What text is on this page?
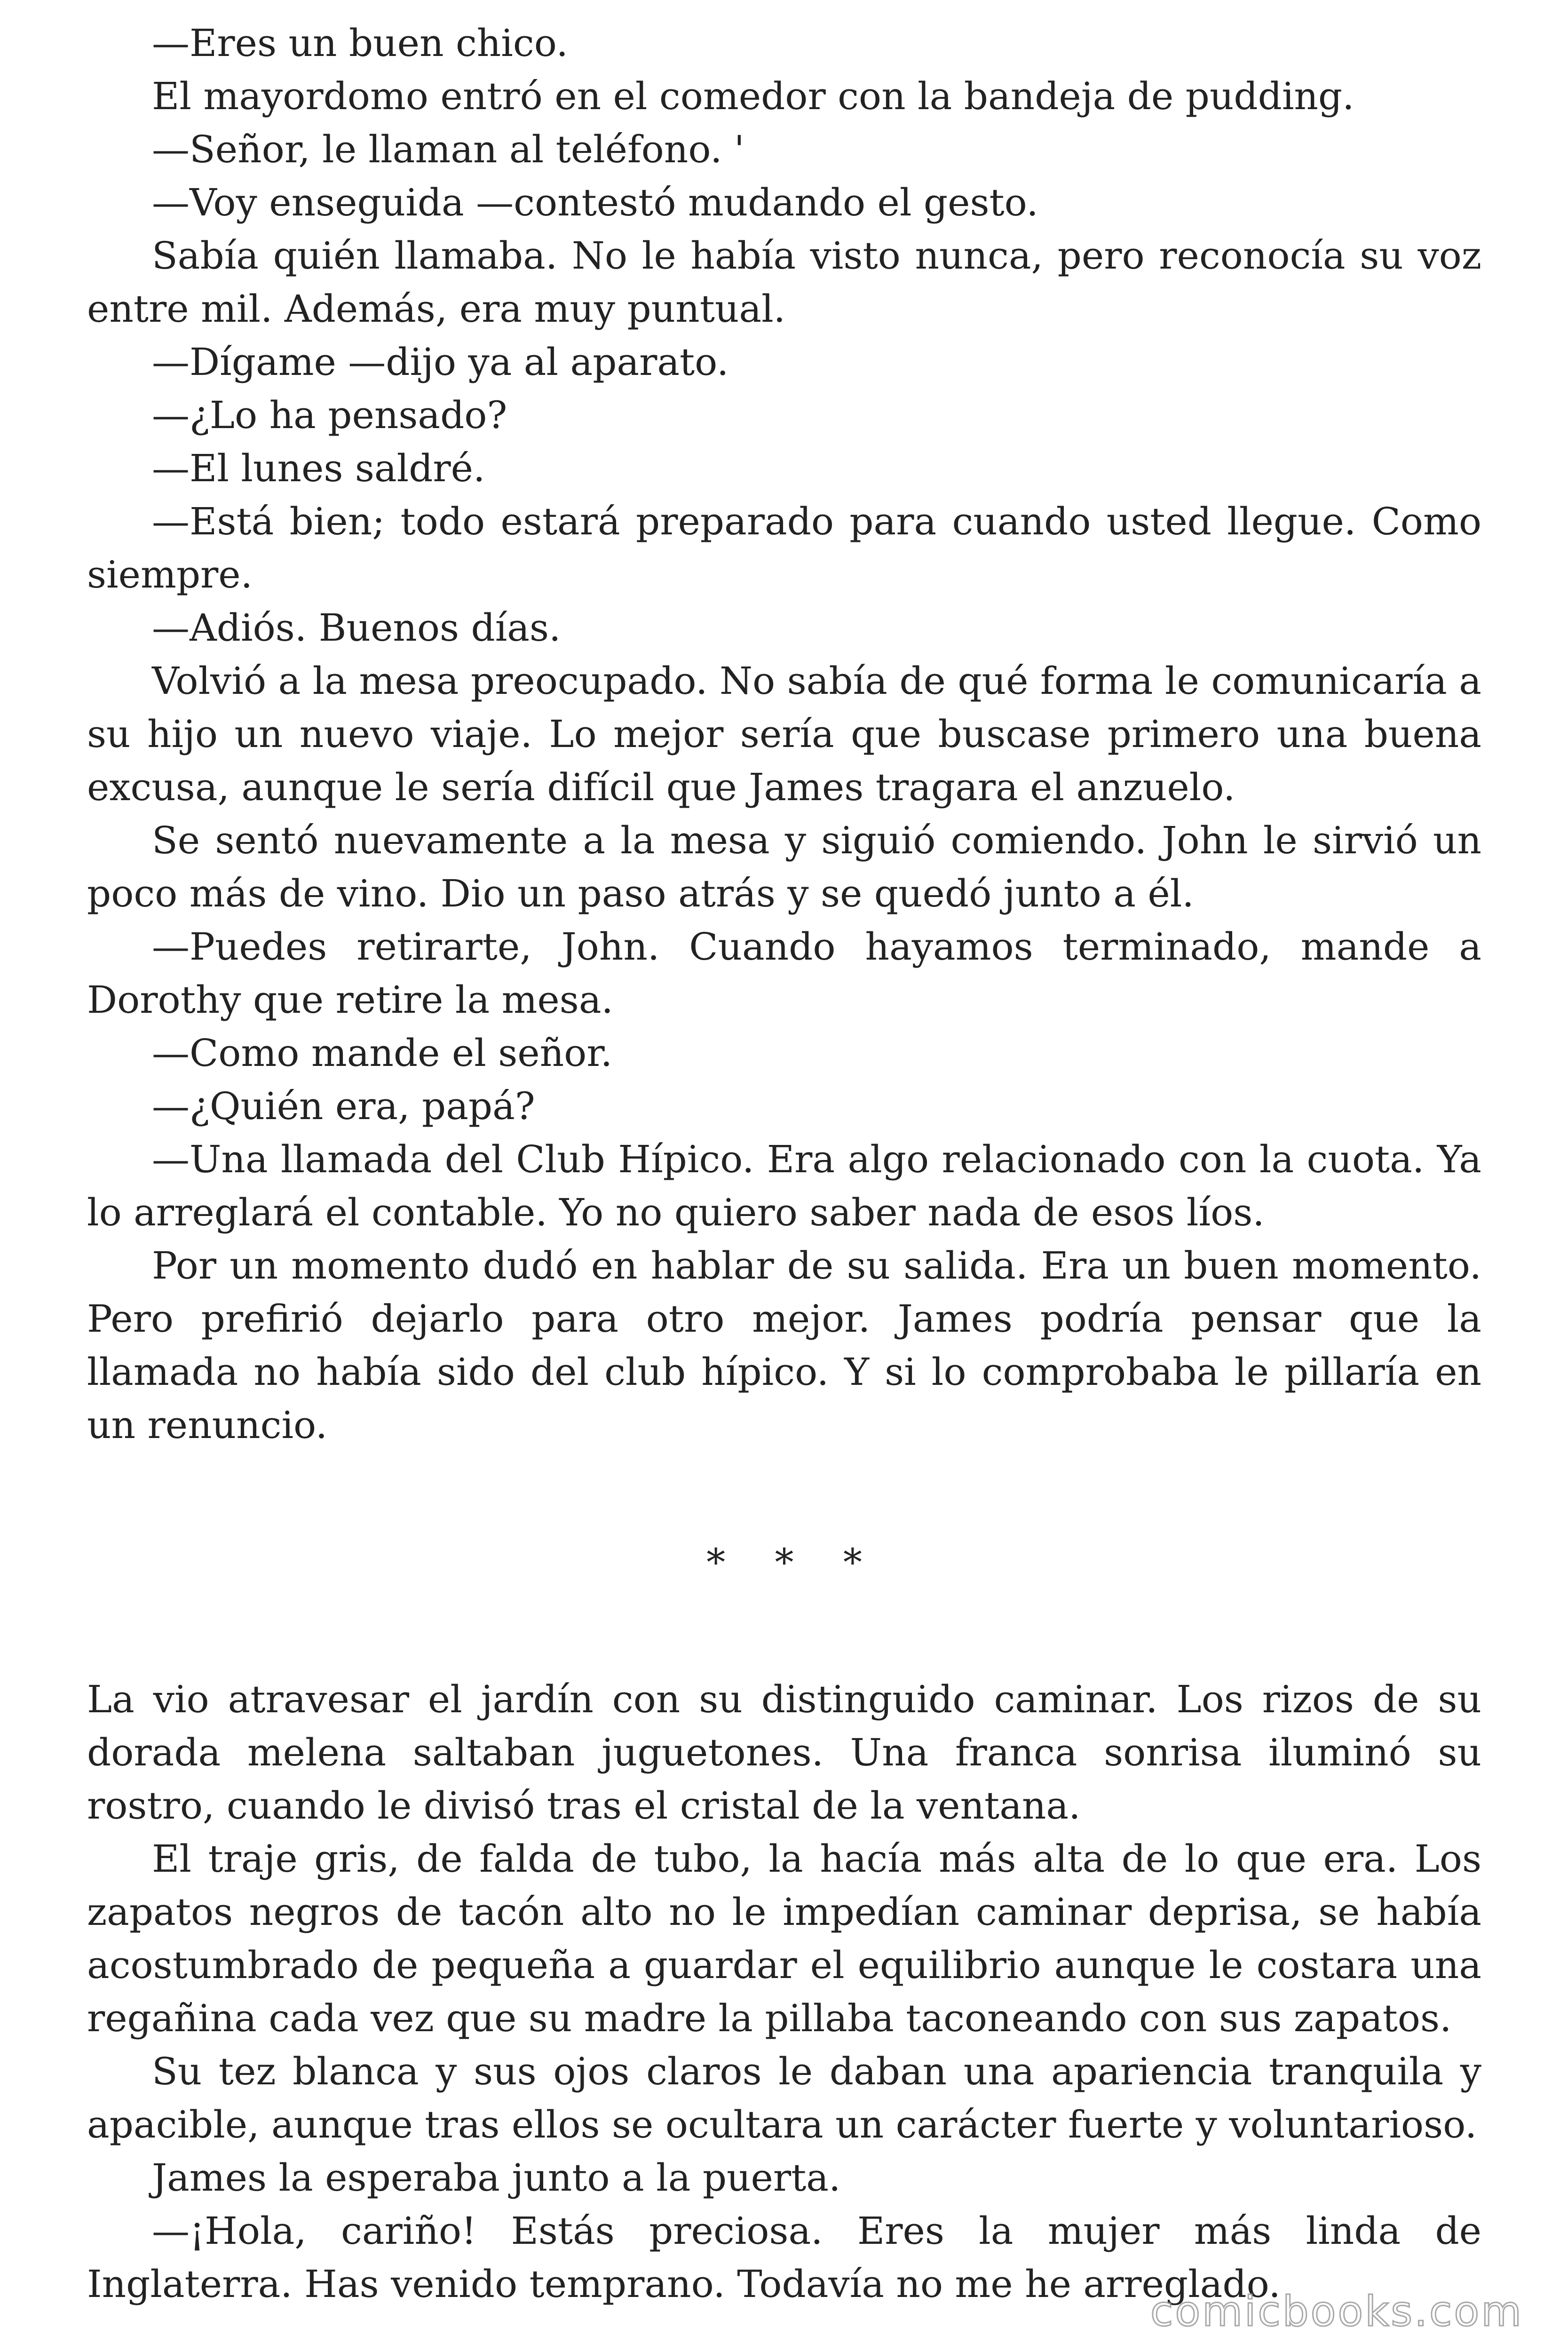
—Eres un buen chico.

El mayordomo entró en el comedor con la bandeja de pudding.

—Señor, le llaman al teléfono. '

—Voy enseguida —contestó mudando el gesto.

Sabía quién llamaba. No le había visto nunca, pero reconocía su voz entre mil. Además, era muy puntual.

—Dígame —dijo ya al aparato.

—¿Lo ha pensado?

—El lunes saldré.

—Está bien; todo estará preparado para cuando usted llegue. Como siempre.

—Adiós. Buenos días.

Volvió a la mesa preocupado. No sabía de qué forma le comunicaría a su hijo un nuevo viaje. Lo mejor sería que buscase primero una buena excusa, aunque le sería difícil que James tragara el anzuelo.

Se sentó nuevamente a la mesa y siguió comiendo. John le sirvió un poco más de vino. Dio un paso atrás y se quedó junto a él.

—Puedes retirarte, John. Cuando hayamos terminado, mande a Dorothy que retire la mesa.

—Como mande el señor.

—¿Quién era, papá?

—Una llamada del Club Hípico. Era algo relacionado con la cuota. Ya lo arreglará el contable. Yo no quiero saber nada de esos líos.

Por un momento dudó en hablar de su salida. Era un buen momento. Pero prefirió dejarlo para otro mejor. James podría pensar que la llamada no había sido del club hípico. Y si lo comprobaba le pillaría en un renuncio.

* * *

La vio atravesar el jardín con su distinguido caminar. Los rizos de su dorada melena saltaban juguetones. Una franca sonrisa iluminó su rostro, cuando le divisó tras el cristal de la ventana.

El traje gris, de falda de tubo, la hacía más alta de lo que era. Los zapatos negros de tacón alto no le impedían caminar deprisa, se había acostumbrado de pequeña a guardar el equilibrio aunque le costara una regañina cada vez que su madre la pillaba taconeando con sus zapatos.

Su tez blanca y sus ojos claros le daban una apariencia tranquila y apacible, aunque tras ellos se ocultara un carácter fuerte y voluntarioso.

James la esperaba junto a la puerta.

—¡Hola, cariño! Estás preciosa. Eres la mujer más linda de Inglaterra. Has venido temprano. Todavía no me he arreglado.

comicbooks.com
